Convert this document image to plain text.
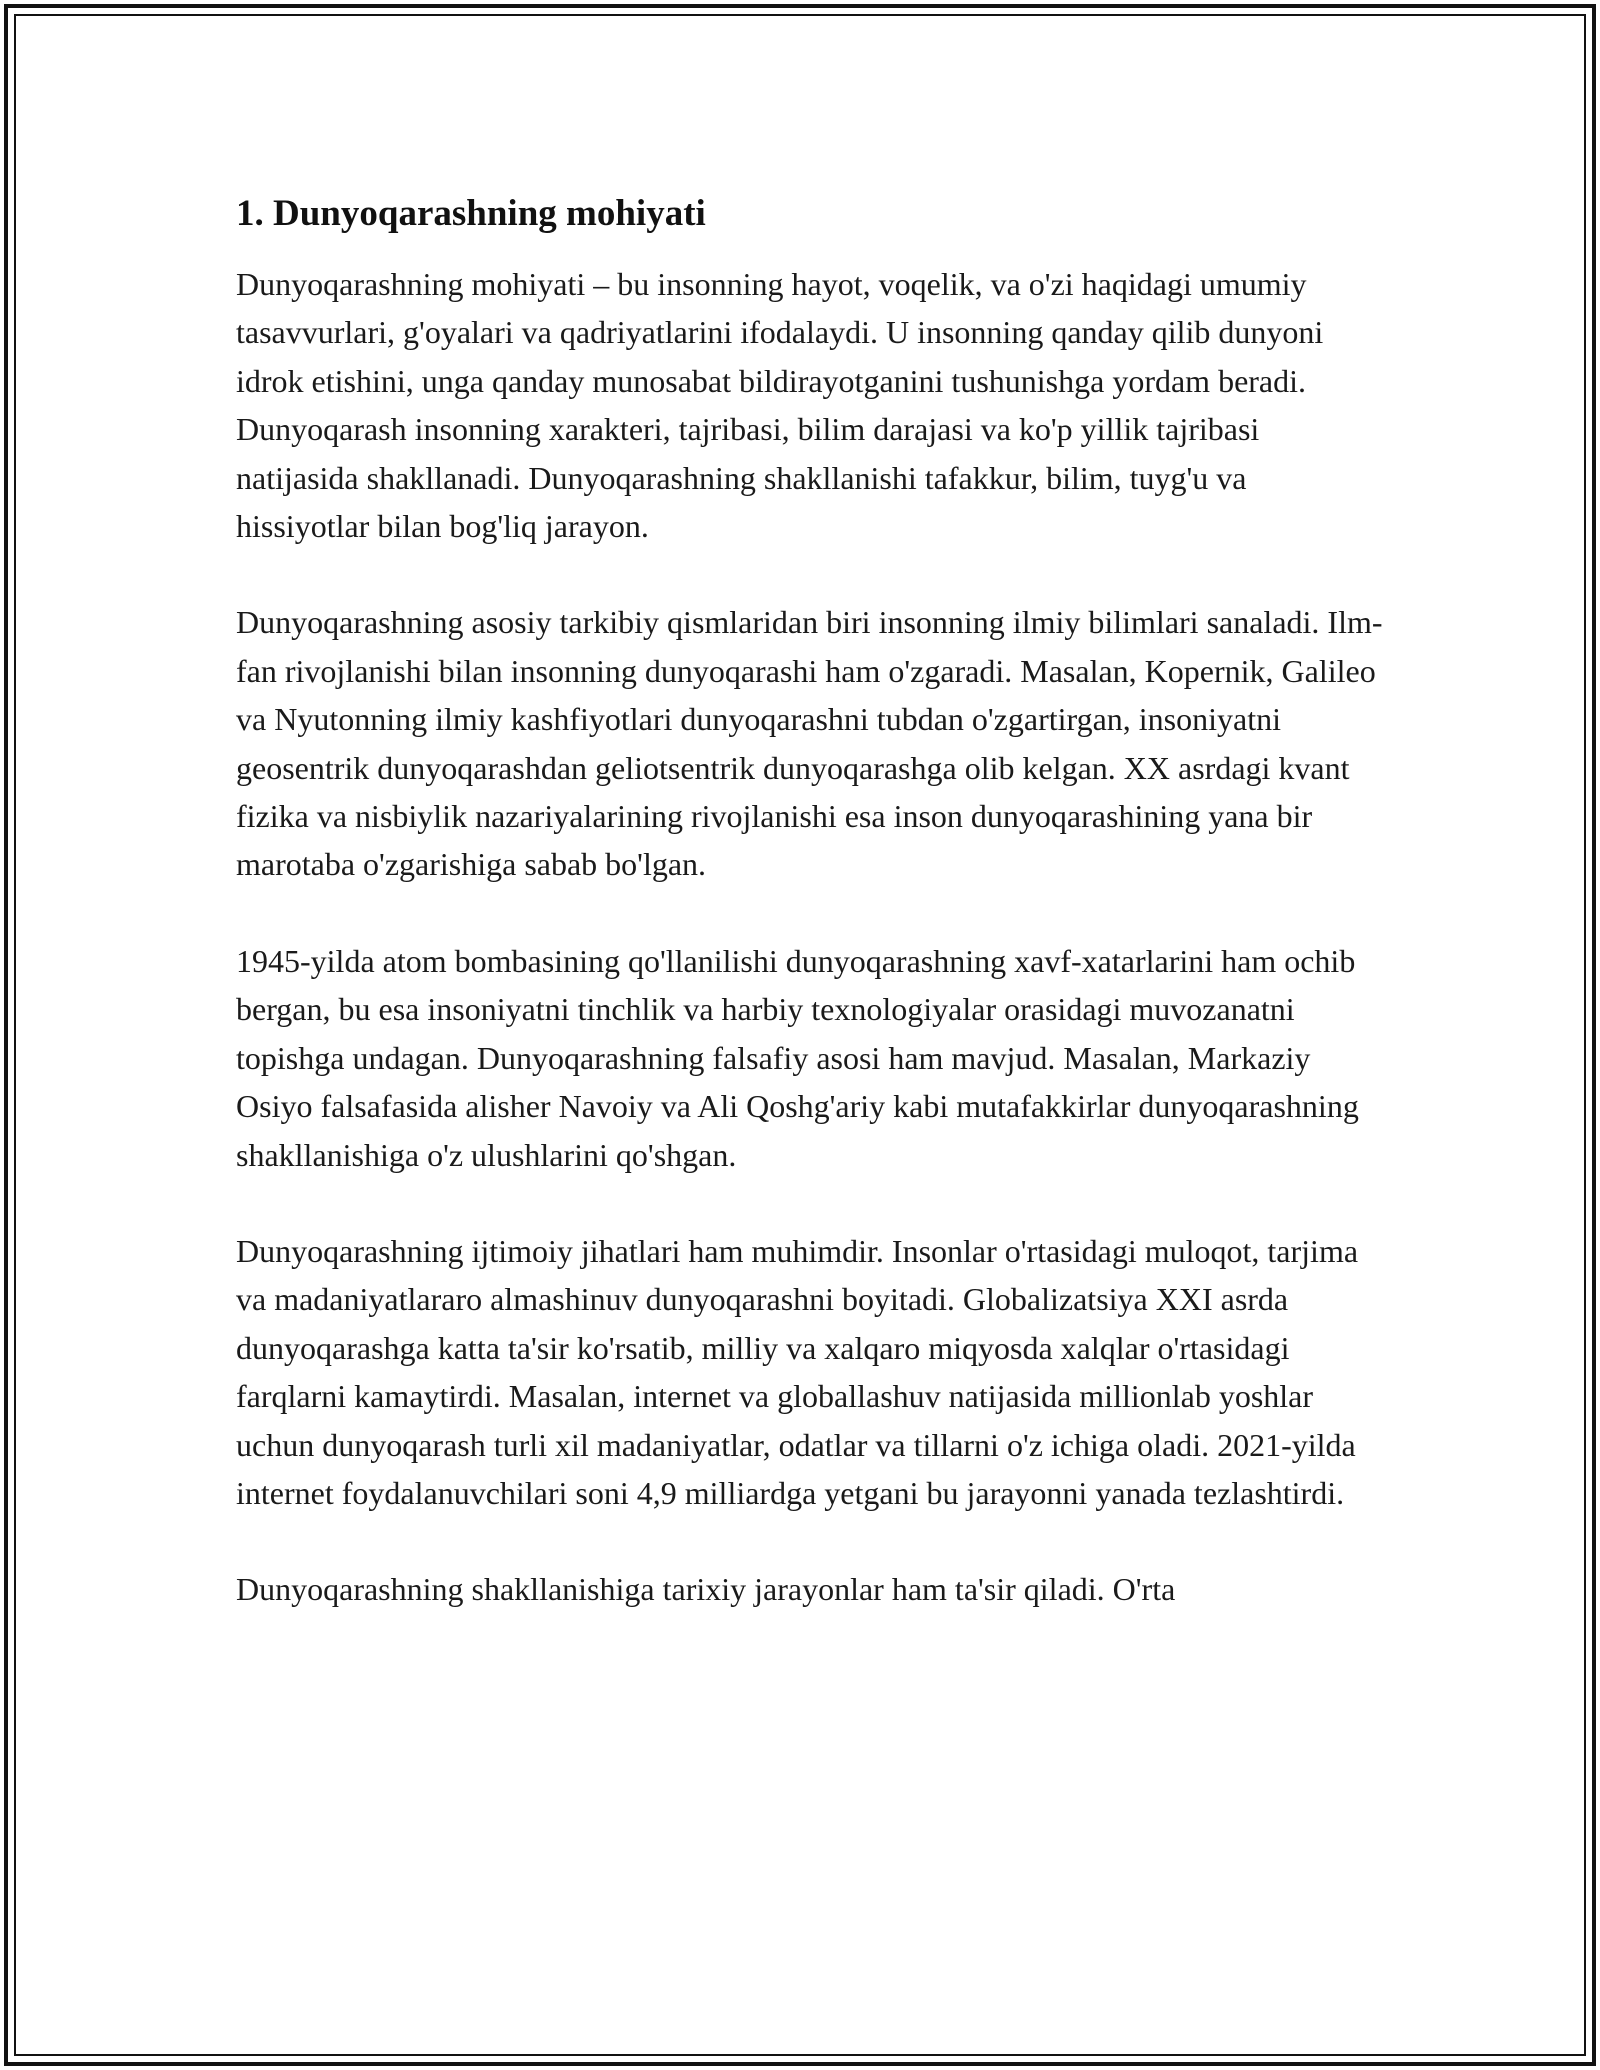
1. Dunyoqarashning mohiyati

Dunyoqarashning mohiyati – bu insonning hayot, voqelik, va o'zi haqidagi umumiy tasavvurlari, g'oyalari va qadriyatlarini ifodalaydi. U insonning qanday qilib dunyoni idrok etishini, unga qanday munosabat bildirayotganini tushunishga yordam beradi. Dunyoqarash insonning xarakteri, tajribasi, bilim darajasi va ko'p yillik tajribasi natijasida shakllanadi. Dunyoqarashning shakllanishi tafakkur, bilim, tuyg'u va hissiyotlar bilan bog'liq jarayon.

Dunyoqarashning asosiy tarkibiy qismlaridan biri insonning ilmiy bilimlari sanaladi. Ilm-fan rivojlanishi bilan insonning dunyoqarashi ham o'zgaradi. Masalan, Kopernik, Galileo va Nyutonning ilmiy kashfiyotlari dunyoqarashni tubdan o'zgartirgan, insoniyatni geosentrik dunyoqarashdan geliotsentrik dunyoqarashga olib kelgan. XX asrdagi kvant fizika va nisbiylik nazariyalarining rivojlanishi esa inson dunyoqarashining yana bir marotaba o'zgarishiga sabab bo'lgan.

1945-yilda atom bombasining qo'llanilishi dunyoqarashning xavf-xatarlarini ham ochib bergan, bu esa insoniyatni tinchlik va harbiy texnologiyalar orasidagi muvozanatni topishga undagan. Dunyoqarashning falsafiy asosi ham mavjud. Masalan, Markaziy Osiyo falsafasida alisher Navoiy va Ali Qoshg'ariy kabi mutafakkirlar dunyoqarashning shakllanishiga o'z ulushlarini qo'shgan.

Dunyoqarashning ijtimoiy jihatlari ham muhimdir. Insonlar o'rtasidagi muloqot, tarjima va madaniyatlararo almashinuv dunyoqarashni boyitadi. Globalizatsiya XXI asrda dunyoqarashga katta ta'sir ko'rsatib, milliy va xalqaro miqyosda xalqlar o'rtasidagi farqlarni kamaytirdi. Masalan, internet va globallashuv natijasida millionlab yoshlar uchun dunyoqarash turli xil madaniyatlar, odatlar va tillarni o'z ichiga oladi. 2021-yilda internet foydalanuvchilari soni 4,9 milliardga yetgani bu jarayonni yanada tezlashtirdi.

Dunyoqarashning shakllanishiga tarixiy jarayonlar ham ta'sir qiladi. O'rta
